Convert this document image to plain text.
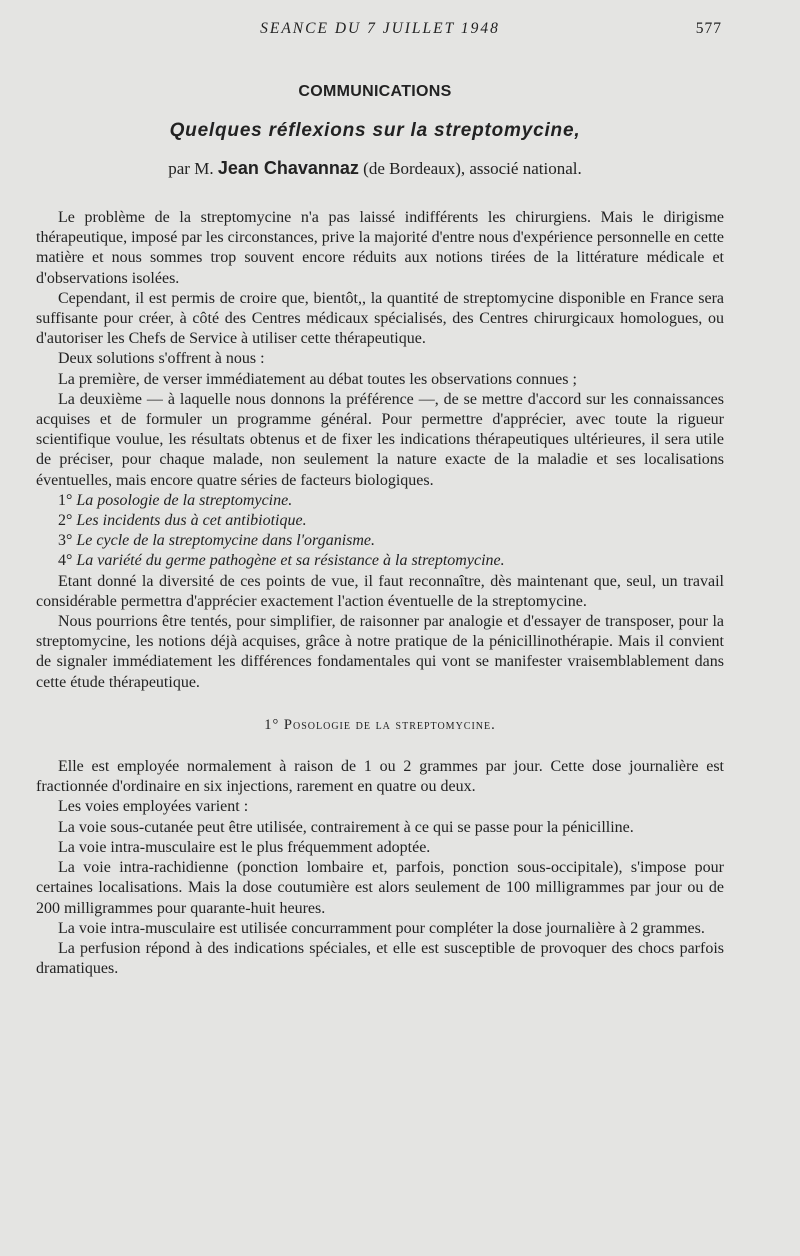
SEANCE DU 7 JUILLET 1948	577
COMMUNICATIONS
Quelques réflexions sur la streptomycine,
par M. Jean Chavannaz (de Bordeaux), associé national.

Le problème de la streptomycine n'a pas laissé indifférents les chirurgiens. Mais le dirigisme thérapeutique, imposé par les circonstances, prive la majorité d'entre nous d'expérience personnelle en cette matière et nous sommes trop souvent encore réduits aux notions tirées de la littérature médicale et d'observations isolées.

Cependant, il est permis de croire que, bientôt,, la quantité de streptomycine disponible en France sera suffisante pour créer, à côté des Centres médicaux spécialisés, des Centres chirurgicaux homologues, ou d'autoriser les Chefs de Service à utiliser cette thérapeutique.

Deux solutions s'offrent à nous :

La première, de verser immédiatement au débat toutes les observations connues ;

La deuxième — à laquelle nous donnons la préférence —, de se mettre d'accord sur les connaissances acquises et de formuler un programme général. Pour permettre d'apprécier, avec toute la rigueur scientifique voulue, les résultats obtenus et de fixer les indications thérapeutiques ultérieures, il sera utile de préciser, pour chaque malade, non seulement la nature exacte de la maladie et ses localisations éventuelles, mais encore quatre séries de facteurs biologiques.

1° La posologie de la streptomycine.

2° Les incidents dus à cet antibiotique.

3° Le cycle de la streptomycine dans l'organisme.

4° La variété du germe pathogène et sa résistance à la streptomycine.

Etant donné la diversité de ces points de vue, il faut reconnaître, dès maintenant que, seul, un travail considérable permettra d'apprécier exactement l'action éventuelle de la streptomycine.

Nous pourrions être tentés, pour simplifier, de raisonner par analogie et d'essayer de transposer, pour la streptomycine, les notions déjà acquises, grâce à notre pratique de la pénicillinothérapie. Mais il convient de signaler immédiatement les différences fondamentales qui vont se manifester vraisemblablement dans cette étude thérapeutique.

1° Posologie de la streptomycine.

Elle est employée normalement à raison de 1 ou 2 grammes par jour. Cette dose journalière est fractionnée d'ordinaire en six injections, rarement en quatre ou deux.

Les voies employées varient :

La voie sous-cutanée peut être utilisée, contrairement à ce qui se passe pour la pénicilline.

La voie intra-musculaire est le plus fréquemment adoptée.

La voie intra-rachidienne (ponction lombaire et, parfois, ponction sous-occipitale), s'impose pour certaines localisations. Mais la dose coutumière est alors seulement de 100 milligrammes par jour ou de 200 milligrammes pour quarante-huit heures.

La voie intra-musculaire est utilisée concurramment pour compléter la dose journalière à 2 grammes.

La perfusion répond à des indications spéciales, et elle est susceptible de provoquer des chocs parfois dramatiques.
